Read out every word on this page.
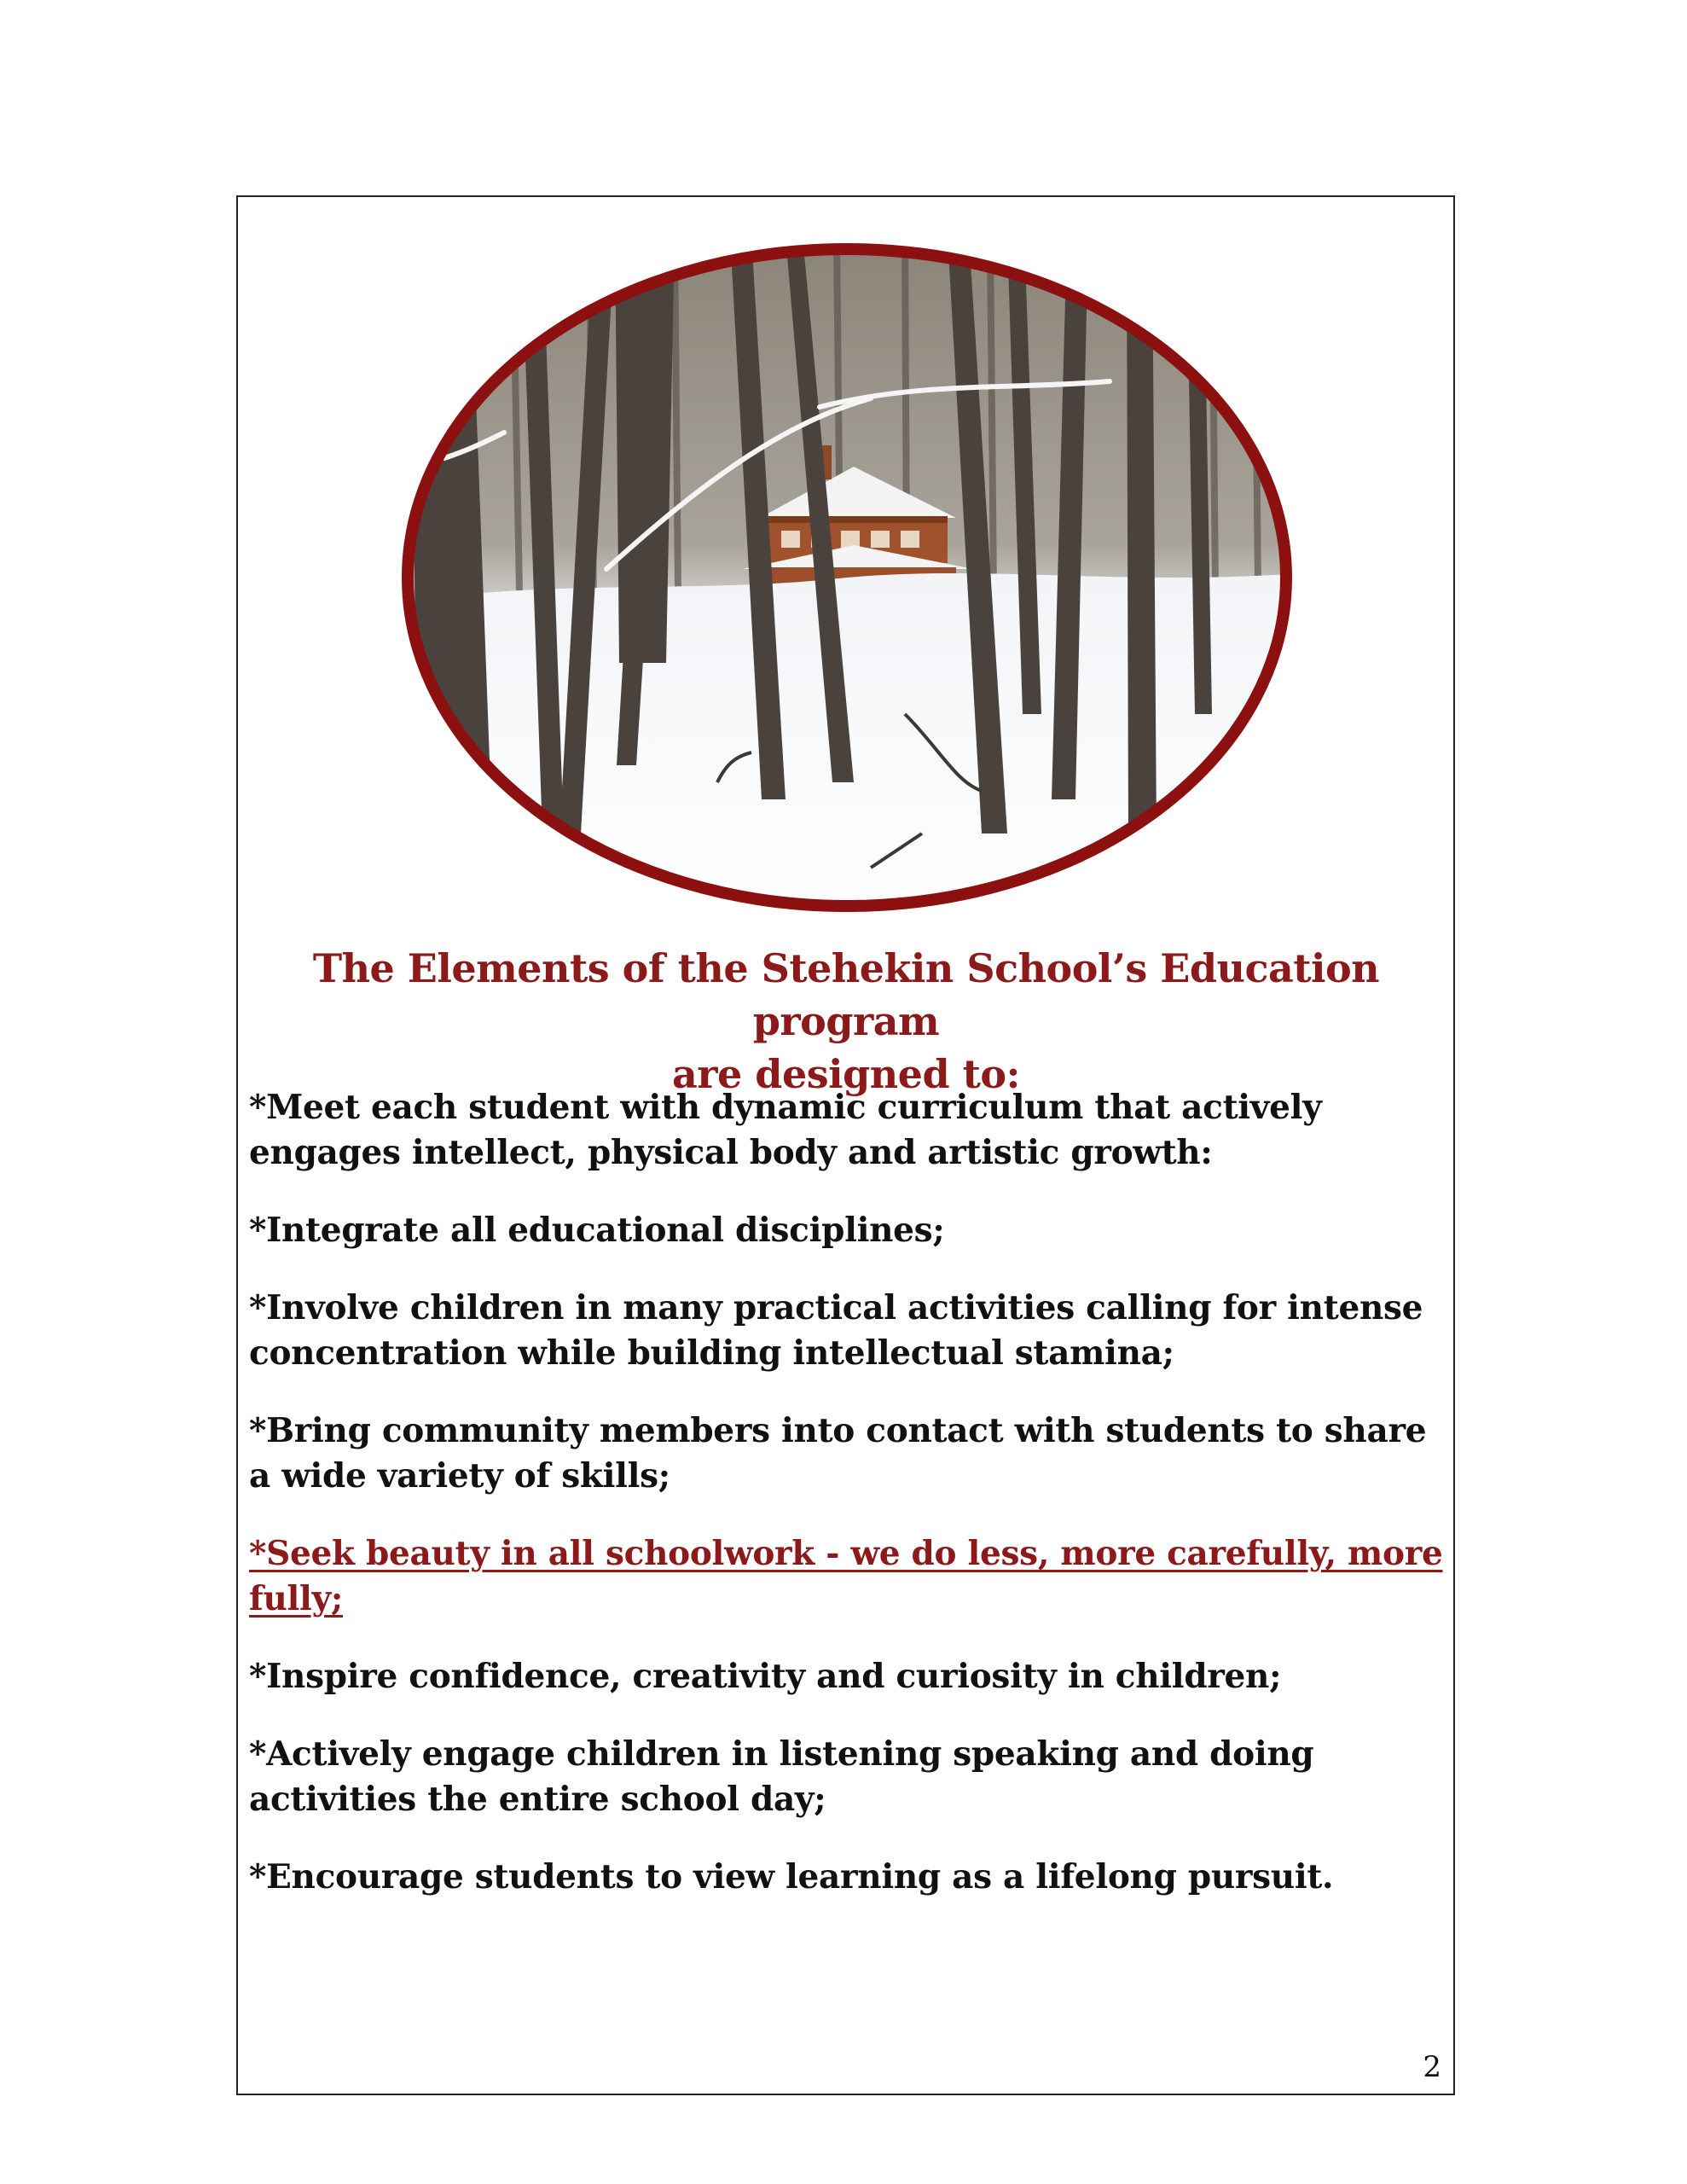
The Elements of the Stehekin School’s Education program
are designed to:

*Meet each student with dynamic curriculum that actively engages intellect, physical body and artistic growth:

*Integrate all educational disciplines;

*Involve children in many practical activities calling for intense concentration while building intellectual stamina;

*Bring community members into contact with students to share a wide variety of skills;

*Seek beauty in all schoolwork - we do less, more carefully, more fully;

*Inspire confidence, creativity and curiosity in children;

*Actively engage children in listening speaking and doing activities the entire school day;

*Encourage students to view learning as a lifelong pursuit.

2
